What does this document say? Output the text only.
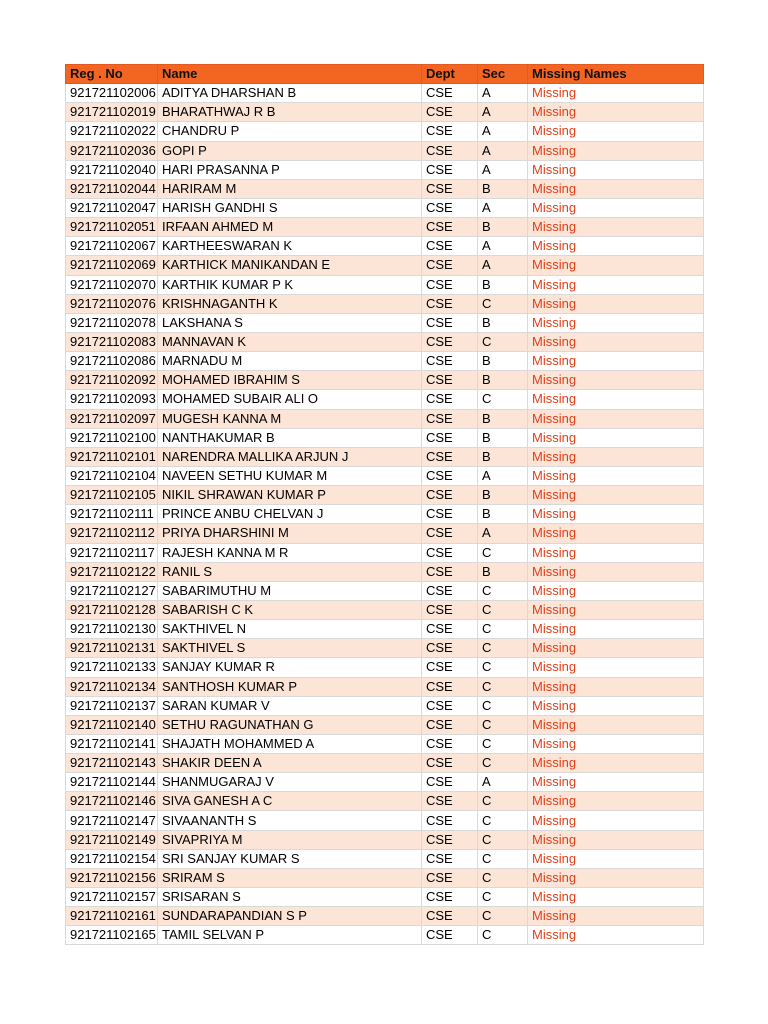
Reg . No	Name	Dept	Sec	Missing Names
921721102006	ADITYA DHARSHAN B	CSE	A	Missing
921721102019	BHARATHWAJ R B	CSE	A	Missing
921721102022	CHANDRU P	CSE	A	Missing
921721102036	GOPI P	CSE	A	Missing
921721102040	HARI PRASANNA P	CSE	A	Missing
921721102044	HARIRAM M	CSE	B	Missing
921721102047	HARISH GANDHI S	CSE	A	Missing
921721102051	IRFAAN AHMED M	CSE	B	Missing
921721102067	KARTHEESWARAN K	CSE	A	Missing
921721102069	KARTHICK MANIKANDAN E	CSE	A	Missing
921721102070	KARTHIK KUMAR P K	CSE	B	Missing
921721102076	KRISHNAGANTH K	CSE	C	Missing
921721102078	LAKSHANA S	CSE	B	Missing
921721102083	MANNAVAN K	CSE	C	Missing
921721102086	MARNADU M	CSE	B	Missing
921721102092	MOHAMED IBRAHIM S	CSE	B	Missing
921721102093	MOHAMED SUBAIR ALI O	CSE	C	Missing
921721102097	MUGESH KANNA M	CSE	B	Missing
921721102100	NANTHAKUMAR B	CSE	B	Missing
921721102101	NARENDRA MALLIKA ARJUN J	CSE	B	Missing
921721102104	NAVEEN SETHU KUMAR M	CSE	A	Missing
921721102105	NIKIL SHRAWAN KUMAR P	CSE	B	Missing
921721102111	PRINCE ANBU CHELVAN J	CSE	B	Missing
921721102112	PRIYA DHARSHINI M	CSE	A	Missing
921721102117	RAJESH KANNA M R	CSE	C	Missing
921721102122	RANIL S	CSE	B	Missing
921721102127	SABARIMUTHU M	CSE	C	Missing
921721102128	SABARISH C K	CSE	C	Missing
921721102130	SAKTHIVEL N	CSE	C	Missing
921721102131	SAKTHIVEL S	CSE	C	Missing
921721102133	SANJAY KUMAR R	CSE	C	Missing
921721102134	SANTHOSH KUMAR P	CSE	C	Missing
921721102137	SARAN KUMAR V	CSE	C	Missing
921721102140	SETHU RAGUNATHAN G	CSE	C	Missing
921721102141	SHAJATH MOHAMMED A	CSE	C	Missing
921721102143	SHAKIR DEEN A	CSE	C	Missing
921721102144	SHANMUGARAJ V	CSE	A	Missing
921721102146	SIVA GANESH A C	CSE	C	Missing
921721102147	SIVAANANTH S	CSE	C	Missing
921721102149	SIVAPRIYA M	CSE	C	Missing
921721102154	SRI SANJAY KUMAR S	CSE	C	Missing
921721102156	SRIRAM S	CSE	C	Missing
921721102157	SRISARAN S	CSE	C	Missing
921721102161	SUNDARAPANDIAN S P	CSE	C	Missing
921721102165	TAMIL SELVAN P	CSE	C	Missing
